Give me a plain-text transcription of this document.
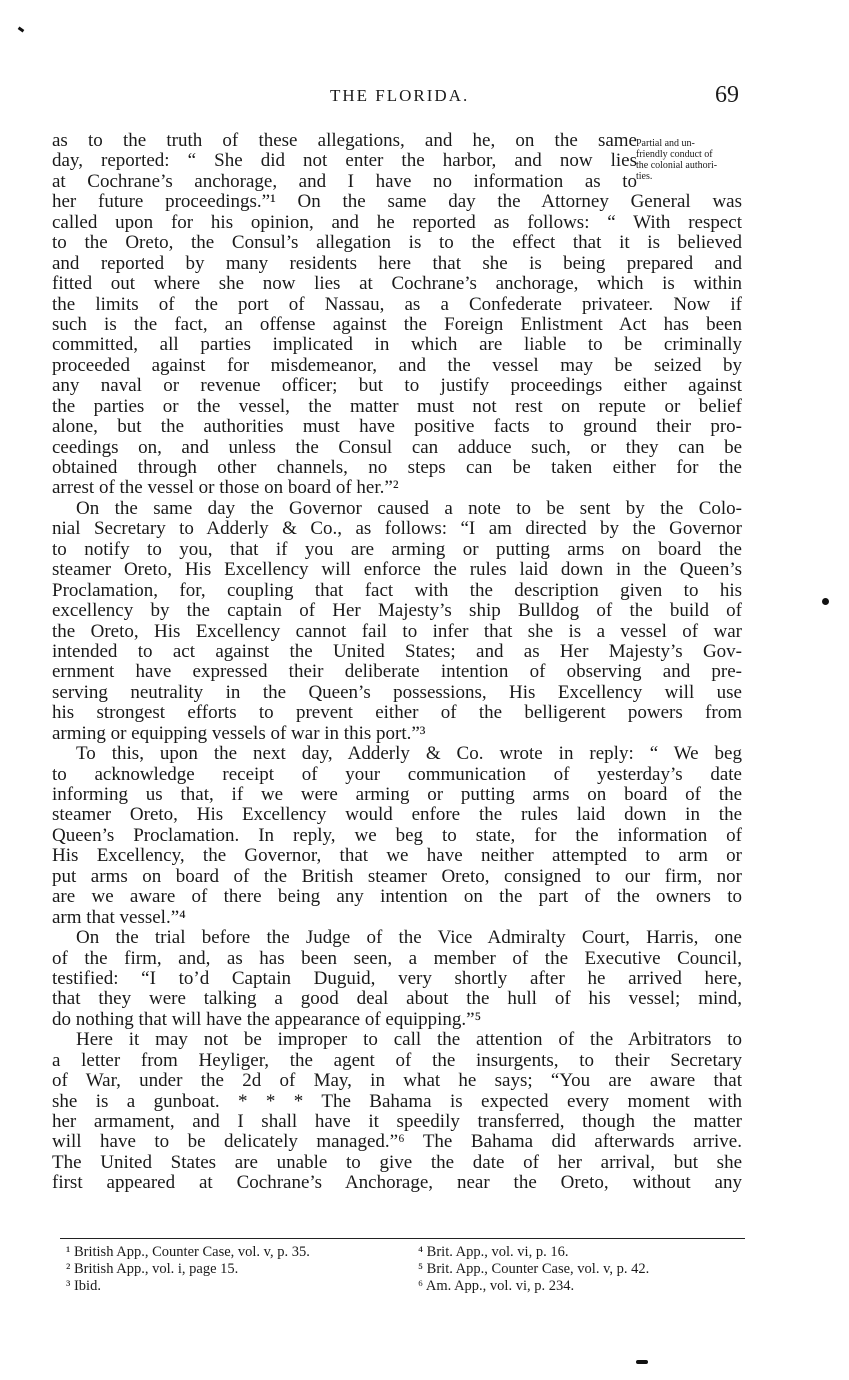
THE FLORIDA.	69
Partial and un-
friendly conduct of
the colonial authori-
ties.
as to the truth of these allegations, and he, on the same
day, reported: “ She did not enter the harbor, and now lies
at Cochrane’s anchorage, and I have no information as to
her future proceedings.”¹ On the same day the Attorney General was
called upon for his opinion, and he reported as follows: “ With respect
to the Oreto, the Consul’s allegation is to the effect that it is believed
and reported by many residents here that she is being prepared and
fitted out where she now lies at Cochrane’s anchorage, which is within
the limits of the port of Nassau, as a Confederate privateer. Now if
such is the fact, an offense against the Foreign Enlistment Act has been
committed, all parties implicated in which are liable to be criminally
proceeded against for misdemeanor, and the vessel may be seized by
any naval or revenue officer; but to justify proceedings either against
the parties or the vessel, the matter must not rest on repute or belief
alone, but the authorities must have positive facts to ground their pro-
ceedings on, and unless the Consul can adduce such, or they can be
obtained through other channels, no steps can be taken either for the
arrest of the vessel or those on board of her.”²
On the same day the Governor caused a note to be sent by the Colo-
nial Secretary to Adderly & Co., as follows: “I am directed by the Governor
to notify to you, that if you are arming or putting arms on board the
steamer Oreto, His Excellency will enforce the rules laid down in the Queen’s
Proclamation, for, coupling that fact with the description given to his
excellency by the captain of Her Majesty’s ship Bulldog of the build of
the Oreto, His Excellency cannot fail to infer that she is a vessel of war
intended to act against the United States; and as Her Majesty’s Gov-
ernment have expressed their deliberate intention of observing and pre-
serving neutrality in the Queen’s possessions, His Excellency will use
his strongest efforts to prevent either of the belligerent powers from
arming or equipping vessels of war in this port.”³
To this, upon the next day, Adderly & Co. wrote in reply: “ We beg
to acknowledge receipt of your communication of yesterday’s date
informing us that, if we were arming or putting arms on board of the
steamer Oreto, His Excellency would enfore the rules laid down in the
Queen’s Proclamation. In reply, we beg to state, for the information of
His Excellency, the Governor, that we have neither attempted to arm or
put arms on board of the British steamer Oreto, consigned to our firm, nor
are we aware of there being any intention on the part of the owners to
arm that vessel.”⁴
On the trial before the Judge of the Vice Admiralty Court, Harris, one
of the firm, and, as has been seen, a member of the Executive Council,
testified: “I to’d Captain Duguid, very shortly after he arrived here,
that they were talking a good deal about the hull of his vessel; mind,
do nothing that will have the appearance of equipping.”⁵
Here it may not be improper to call the attention of the Arbitrators to
a letter from Heyliger, the agent of the insurgents, to their Secretary
of War, under the 2d of May, in what he says; “You are aware that
she is a gunboat. * * * The Bahama is expected every moment with
her armament, and I shall have it speedily transferred, though the matter
will have to be delicately managed.”⁶ The Bahama did afterwards arrive.
The United States are unable to give the date of her arrival, but she
first appeared at Cochrane’s Anchorage, near the Oreto, without any
¹ British App., Counter Case, vol. v, p. 35.
² British App., vol. i, page 15.
³ Ibid.
⁴ Brit. App., vol. vi, p. 16.
⁵ Brit. App., Counter Case, vol. v, p. 42.
⁶ Am. App., vol. vi, p. 234.
